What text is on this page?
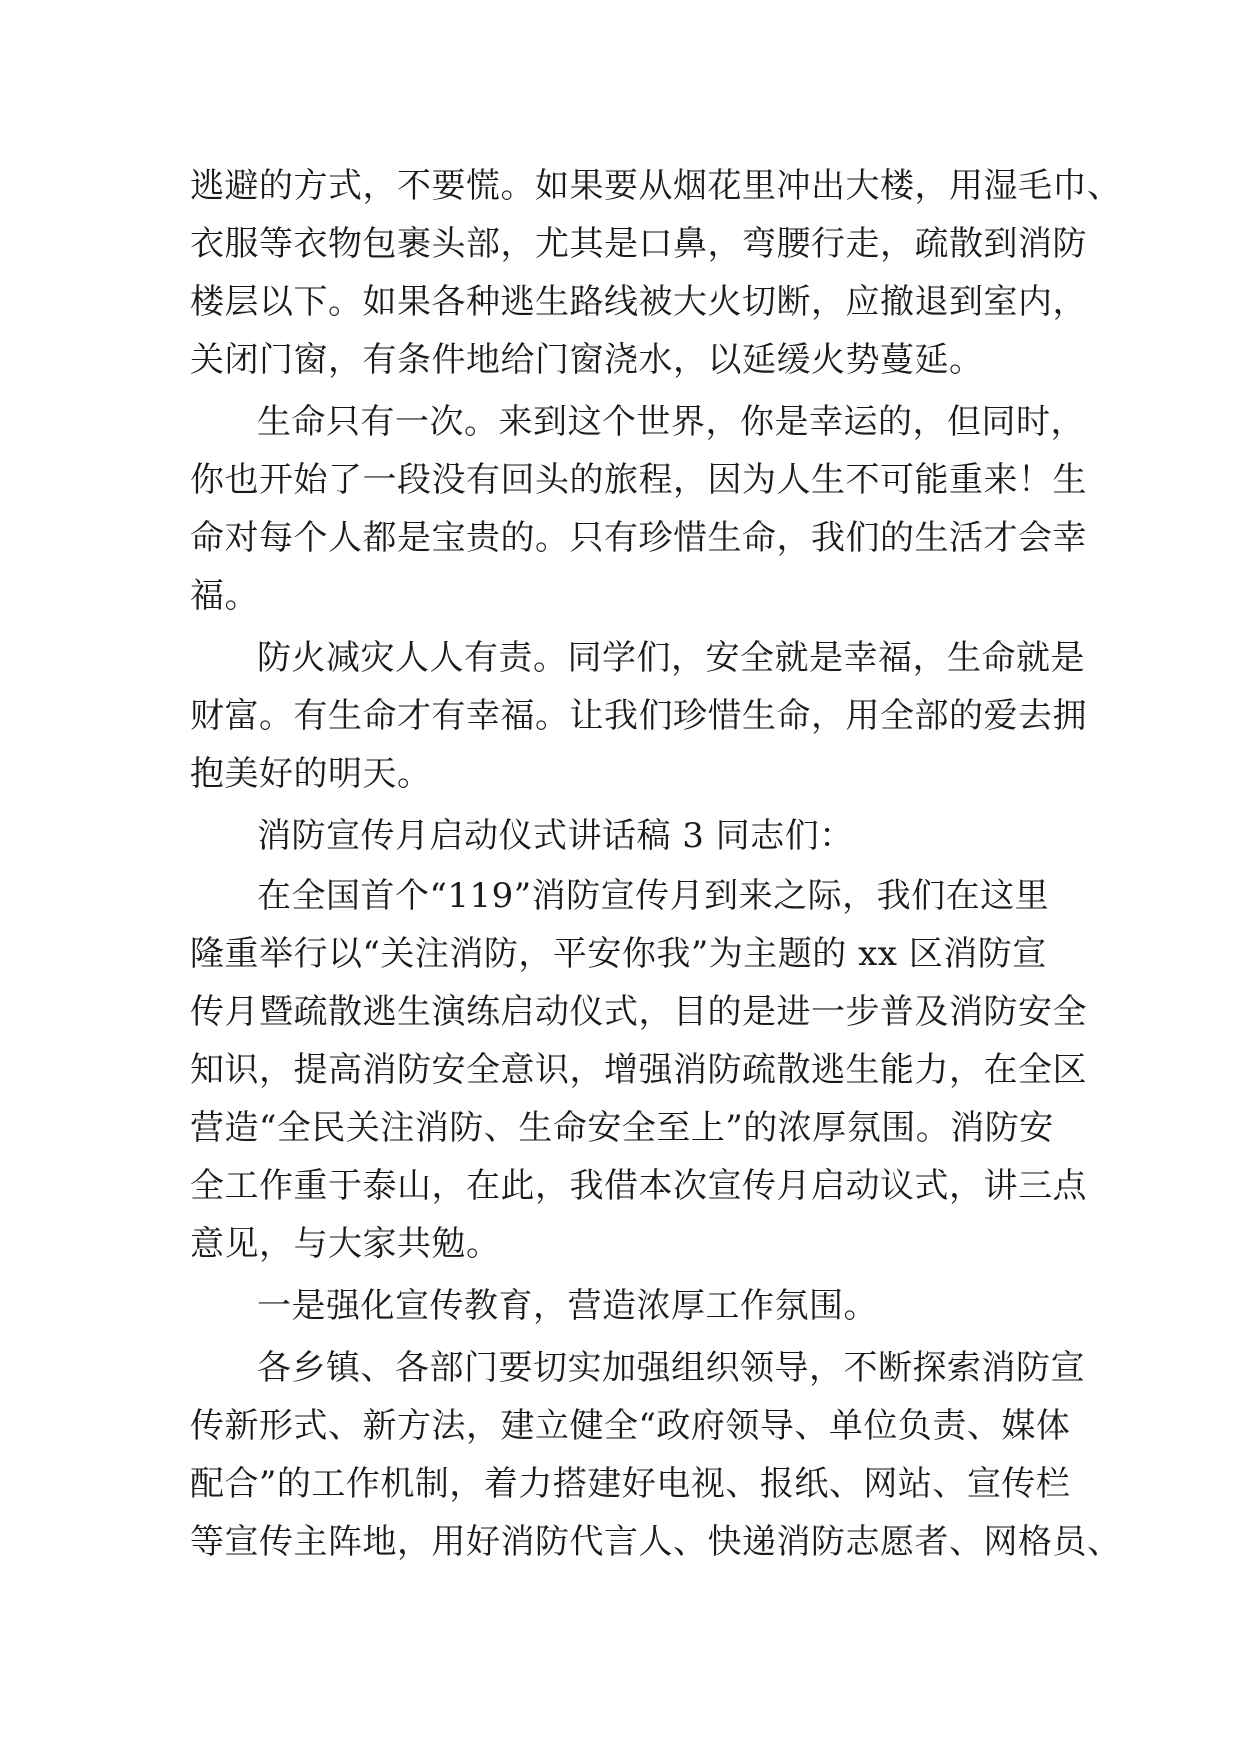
逃避的方式，不要慌。如果要从烟花里冲出大楼，用湿毛巾、
衣服等衣物包裹头部，尤其是口鼻，弯腰行走，疏散到消防
楼层以下。如果各种逃生路线被大火切断，应撤退到室内，
关闭门窗，有条件地给门窗浇水，以延缓火势蔓延。
生命只有一次。来到这个世界，你是幸运的，但同时，
你也开始了一段没有回头的旅程，因为人生不可能重来！生
命对每个人都是宝贵的。只有珍惜生命，我们的生活才会幸
福。
防火减灾人人有责。同学们，安全就是幸福，生命就是
财富。有生命才有幸福。让我们珍惜生命，用全部的爱去拥
抱美好的明天。
消防宣传月启动仪式讲话稿 3 同志们：
在全国首个“119”消防宣传月到来之际，我们在这里
隆重举行以“关注消防，平安你我”为主题的 xx 区消防宣
传月暨疏散逃生演练启动仪式，目的是进一步普及消防安全
知识，提高消防安全意识，增强消防疏散逃生能力，在全区
营造“全民关注消防、生命安全至上”的浓厚氛围。消防安
全工作重于泰山，在此，我借本次宣传月启动议式，讲三点
意见，与大家共勉。
一是强化宣传教育，营造浓厚工作氛围。
各乡镇、各部门要切实加强组织领导，不断探索消防宣
传新形式、新方法，建立健全“政府领导、单位负责、媒体
配合”的工作机制，着力搭建好电视、报纸、网站、宣传栏
等宣传主阵地，用好消防代言人、快递消防志愿者、网格员、
